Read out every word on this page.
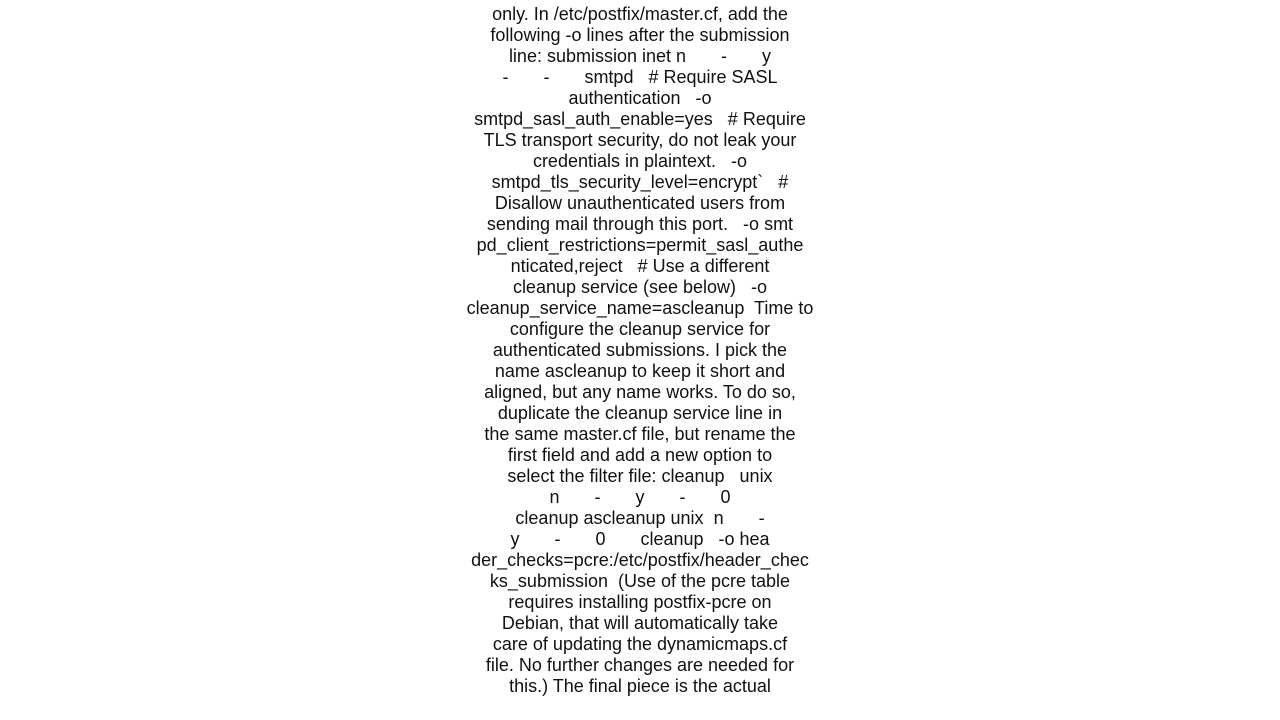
only. In /etc/postfix/master.cf, add the
following -o lines after the submission
line: submission inet n       -       y
-       -       smtpd   # Require SASL
authentication   -o
smtpd_sasl_auth_enable=yes   # Require
TLS transport security, do not leak your
credentials in plaintext.   -o
smtpd_tls_security_level=encrypt`   #
Disallow unauthenticated users from
sending mail through this port.   -o smt
pd_client_restrictions=permit_sasl_authe
nticated,reject   # Use a different
cleanup service (see below)   -o
cleanup_service_name=ascleanup  Time to
configure the cleanup service for
authenticated submissions. I pick the
name ascleanup to keep it short and
aligned, but any name works. To do so,
duplicate the cleanup service line in
the same master.cf file, but rename the
first field and add a new option to
select the filter file: cleanup   unix
n       -       y       -       0
cleanup ascleanup unix  n       -
y       -       0       cleanup   -o hea
der_checks=pcre:/etc/postfix/header_chec
ks_submission  (Use of the pcre table
requires installing postfix-pcre on
Debian, that will automatically take
care of updating the dynamicmaps.cf
file. No further changes are needed for
this.) The final piece is the actual
